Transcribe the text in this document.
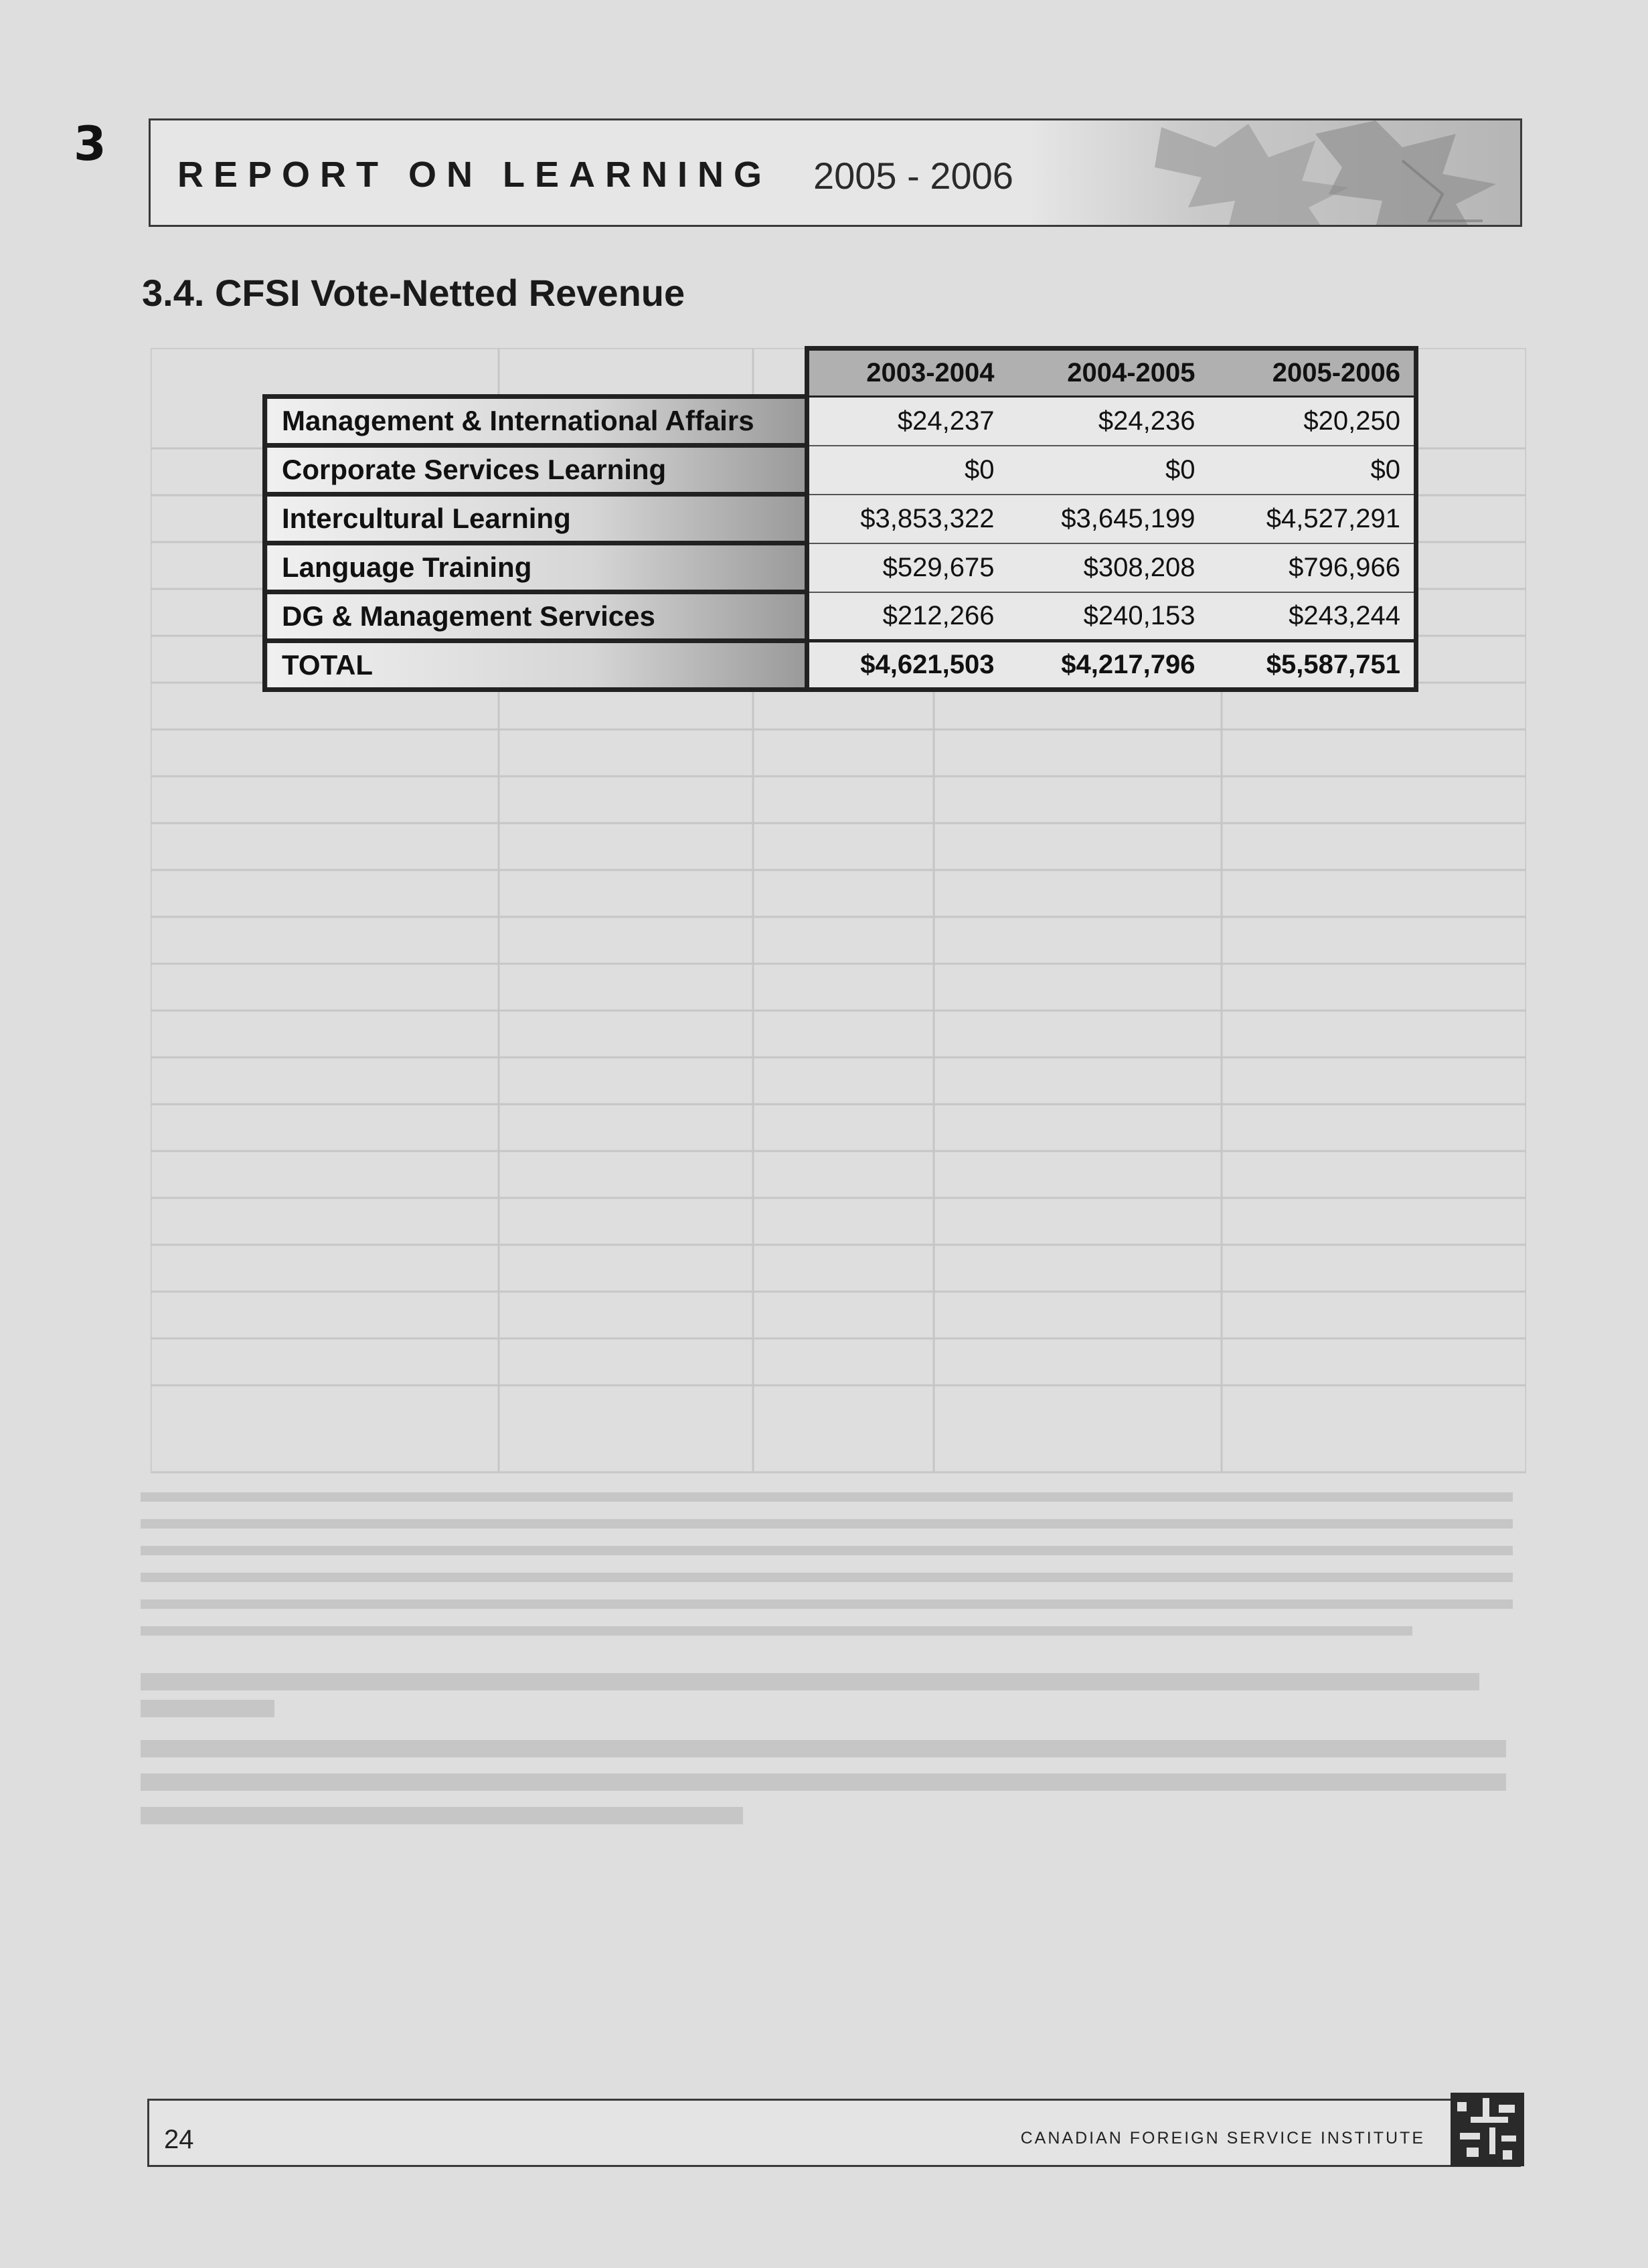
3
REPORT ON LEARNING 2005 - 2006
3.4. CFSI Vote-Netted Revenue
	2003-2004	2004-2005	2005-2006
Management & International Affairs	$24,237	$24,236	$20,250
Corporate Services Learning	$0	$0	$0
Intercultural Learning	$3,853,322	$3,645,199	$4,527,291
Language Training	$529,675	$308,208	$796,966
DG & Management Services	$212,266	$240,153	$243,244
TOTAL	$4,621,503	$4,217,796	$5,587,751
24	CANADIAN FOREIGN SERVICE INSTITUTE
